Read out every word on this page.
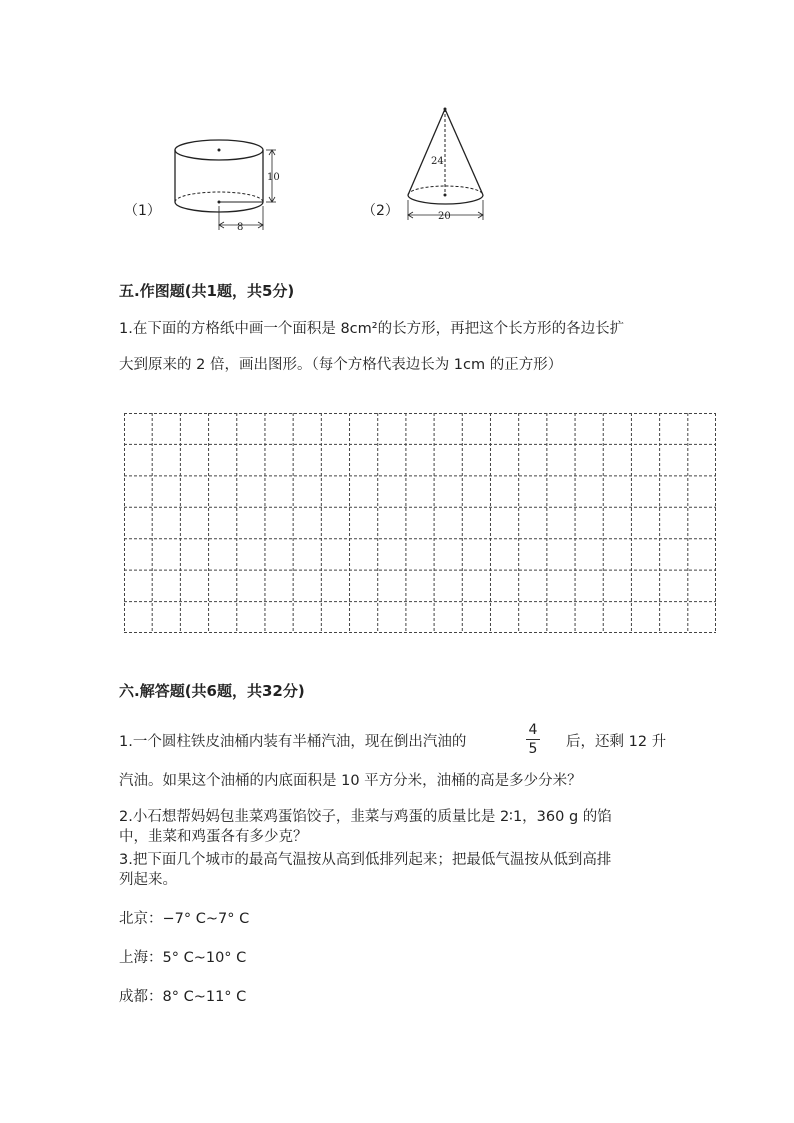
（1）
10
8
（2）
24
20
五.作图题(共1题，共5分)
1.在下面的方格纸中画一个面积是 8cm²的长方形，再把这个长方形的各边长扩
大到原来的 2 倍，画出图形。（每个方格代表边长为 1cm 的正方形）
六.解答题(共6题，共32分)
1.一个圆柱铁皮油桶内装有半桶汽油，现在倒出汽油的
4
5 后，还剩 12 升
汽油。如果这个油桶的内底面积是 10 平方分米，油桶的高是多少分米？
2.小石想帮妈妈包韭菜鸡蛋馅饺子，韭菜与鸡蛋的质量比是 2∶1，360 g 的馅
中，韭菜和鸡蛋各有多少克？
3.把下面几个城市的最高气温按从高到低排列起来；把最低气温按从低到高排
列起来。
北京：−7° C~7° C
上海：5° C~10° C
成都：8° C~11° C
